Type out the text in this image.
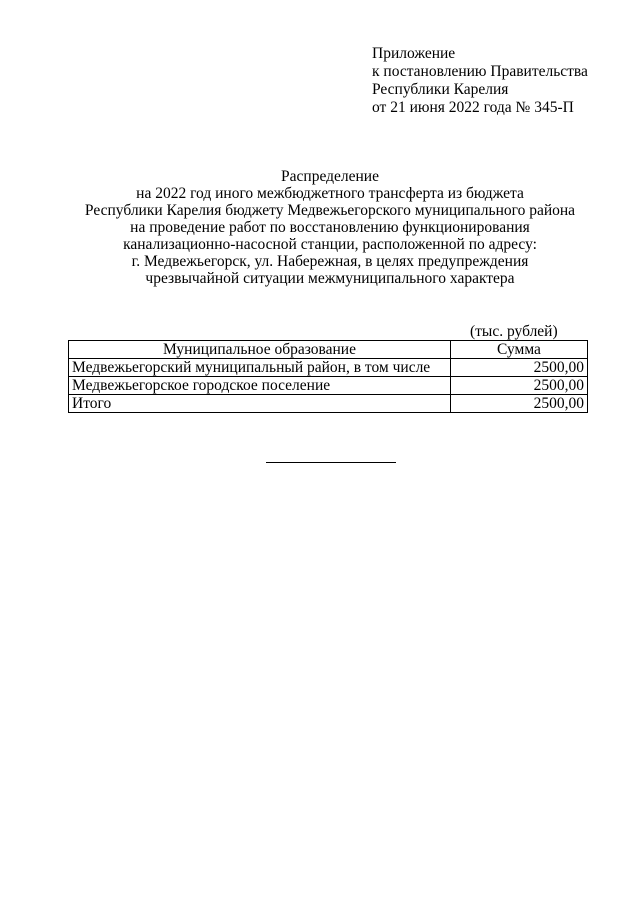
Приложение
к постановлению Правительства
Республики Карелия
от 21 июня 2022 года № 345-П
Распределение
на 2022 год иного межбюджетного трансферта из бюджета
Республики Карелия бюджету Медвежьегорского муниципального района
на проведение работ по восстановлению функционирования
канализационно-насосной станции, расположенной по адресу:
г. Медвежьегорск, ул. Набережная, в целях предупреждения
чрезвычайной ситуации межмуниципального характера
(тыс. рублей)
Муниципальное образование	Сумма
Медвежьегорский муниципальный район, в том числе	2500,00
Медвежьегорское городское поселение	2500,00
Итого	2500,00
